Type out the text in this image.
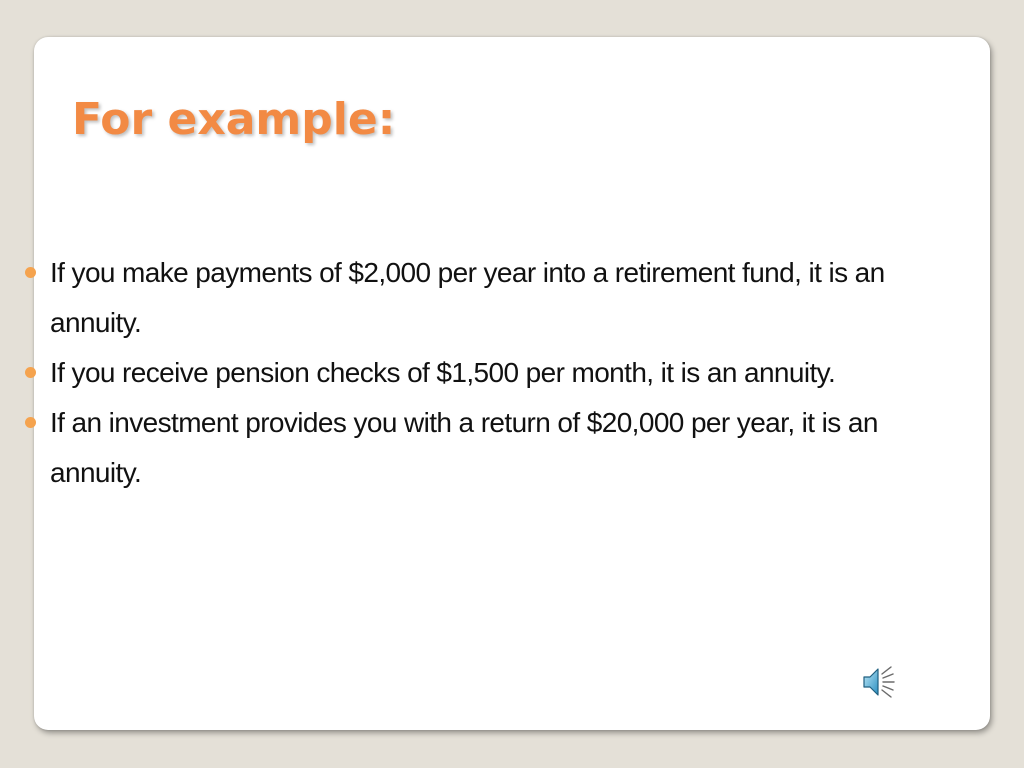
For example:
If you make payments of $2,000 per year into a retirement fund, it is an annuity.
If you receive pension checks of $1,500 per month, it is an annuity.
If an investment provides you with a return of $20,000 per year, it is an annuity.
